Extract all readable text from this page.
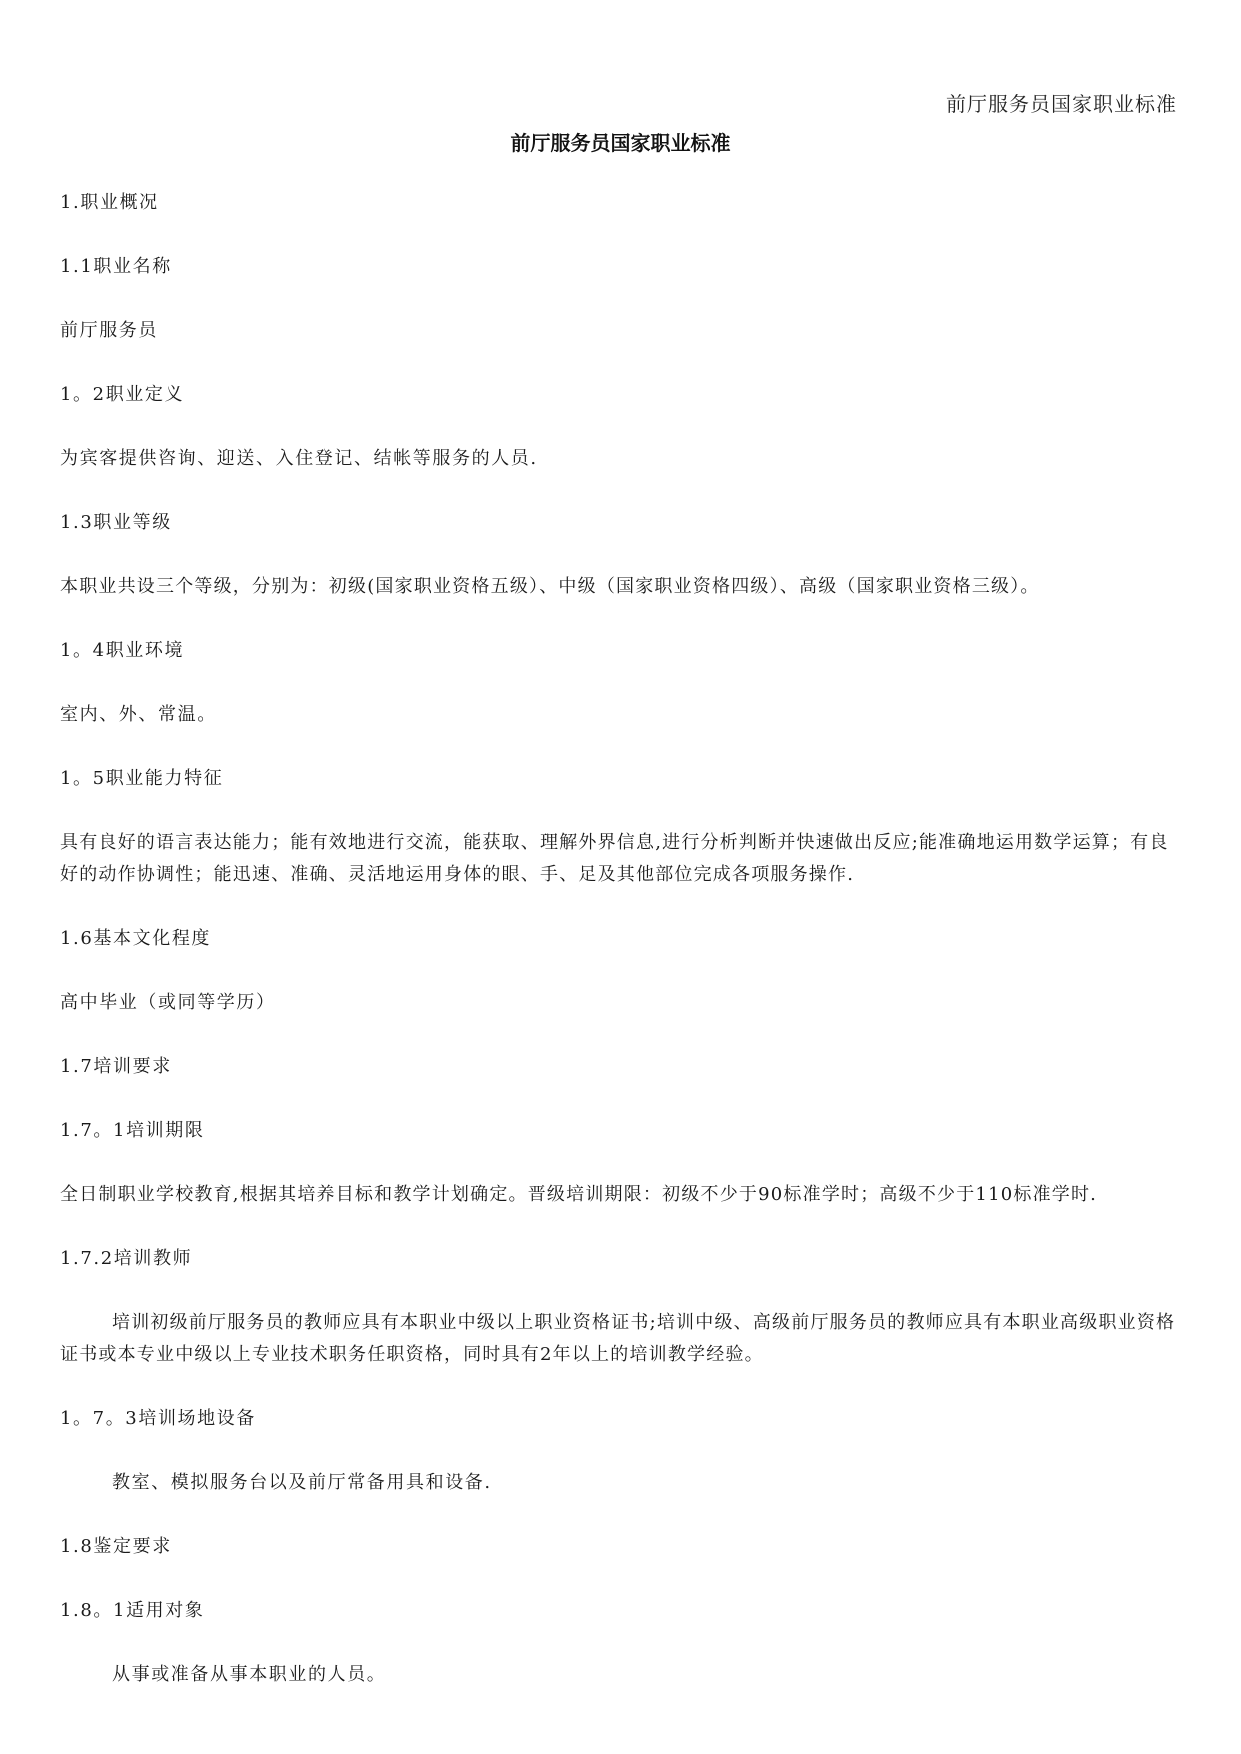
前厅服务员国家职业标准
前厅服务员国家职业标准

1.职业概况

1.1职业名称

前厅服务员

1。2职业定义

为宾客提供咨询、迎送、入住登记、结帐等服务的人员.

1.3职业等级

本职业共设三个等级，分别为：初级(国家职业资格五级）、中级（国家职业资格四级）、高级（国家职业资格三级）。

1。4职业环境

室内、外、常温。

1。5职业能力特征

具有良好的语言表达能力；能有效地进行交流，能获取、理解外界信息,进行分析判断并快速做出反应;能准确地运用数学运算；有良好的动作协调性；能迅速、准确、灵活地运用身体的眼、手、足及其他部位完成各项服务操作.

1.6基本文化程度

高中毕业（或同等学历）

1.7培训要求

1.7。1培训期限

全日制职业学校教育,根据其培养目标和教学计划确定。晋级培训期限：初级不少于90标准学时；高级不少于110标准学时.

1.7.2培训教师

培训初级前厅服务员的教师应具有本职业中级以上职业资格证书;培训中级、高级前厅服务员的教师应具有本职业高级职业资格证书或本专业中级以上专业技术职务任职资格，同时具有2年以上的培训教学经验。

1。7。3培训场地设备

教室、模拟服务台以及前厅常备用具和设备.

1.8鉴定要求

1.8。1适用对象

从事或准备从事本职业的人员。
